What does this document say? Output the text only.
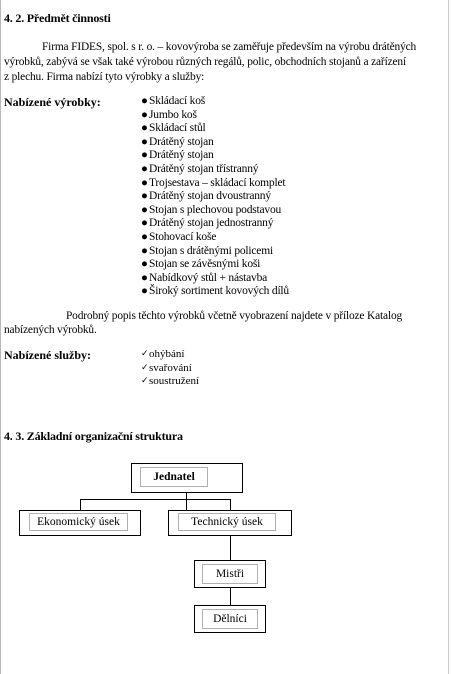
4. 2. Předmět činnosti
Firma FIDES, spol. s r. o. – kovovýroba se zaměřuje především na výrobu drátěných
výrobků, zabývá se však také výrobou různých regálů, polic, obchodních stojanů a zařízení
z plechu. Firma nabízí tyto výrobky a služby:
Nabízené výrobky:	● Skládací koš
● Jumbo koš
● Skládací stůl
● Drátěný stojan
● Drátěný stojan
● Drátěný stojan třístranný
● Trojsestava – skládací komplet
● Drátěný stojan dvoustranný
● Stojan s plechovou podstavou
● Drátěný stojan jednostranný
● Stohovací koše
● Stojan s drátěnými policemi
● Stojan se závěsnými koši
● Nabídkový stůl + nástavba
● Široký sortiment kovových dílů
Podrobný popis těchto výrobků včetně vyobrazení najdete v příloze Katalog
nabízených výrobků.
Nabízené služby:	✓ ohýbání
✓ svařování
✓ soustružení
4. 3. Základní organizační struktura
Jednatel
Ekonomický úsek	Technický úsek
Mistři
Dělníci
